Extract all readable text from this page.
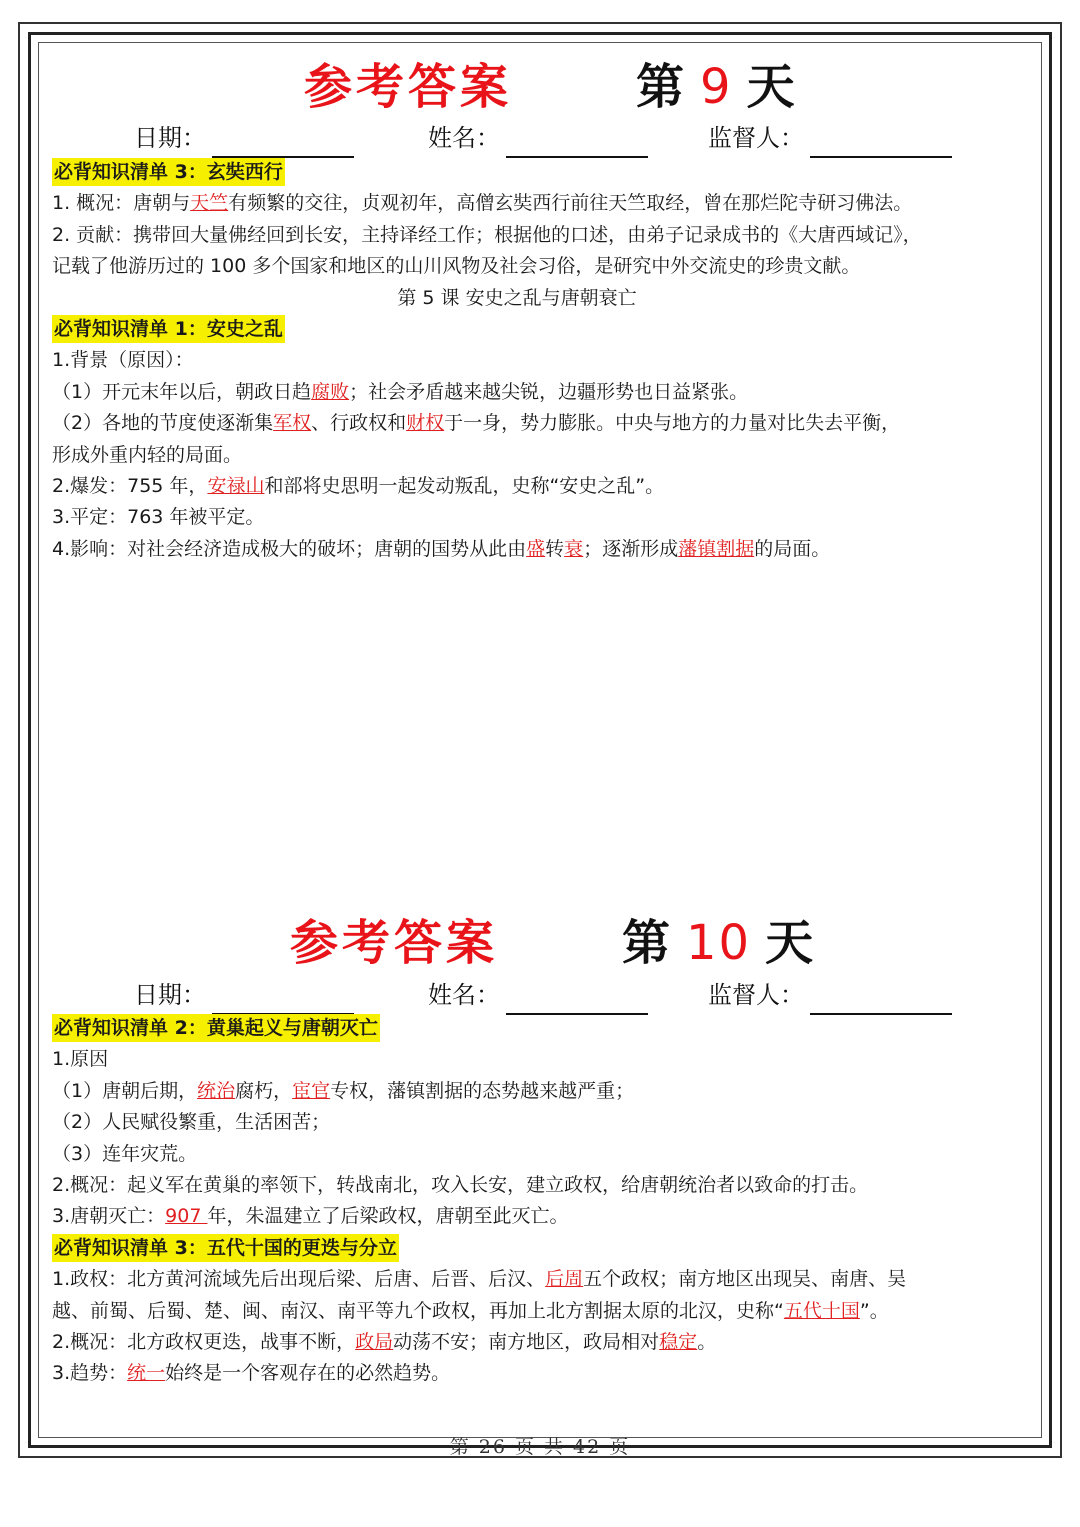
参考答案	第 9 天
日期：	姓名：	监督人：
必背知识清单 3：玄奘西行
1. 概况：唐朝与天竺有频繁的交往，贞观初年，高僧玄奘西行前往天竺取经，曾在那烂陀寺研习佛法。
2. 贡献：携带回大量佛经回到长安，主持译经工作；根据他的口述，由弟子记录成书的《大唐西域记》，
记载了他游历过的 100 多个国家和地区的山川风物及社会习俗，是研究中外交流史的珍贵文献。
第 5 课 安史之乱与唐朝衰亡
必背知识清单 1：安史之乱
1.背景（原因）：
（1）开元末年以后，朝政日趋腐败；社会矛盾越来越尖锐，边疆形势也日益紧张。
（2）各地的节度使逐渐集军权、行政权和财权于一身，势力膨胀。中央与地方的力量对比失去平衡，
形成外重内轻的局面。
2.爆发：755 年，安禄山和部将史思明一起发动叛乱，史称“安史之乱”。
3.平定：763 年被平定。
4.影响：对社会经济造成极大的破坏；唐朝的国势从此由盛转衰；逐渐形成藩镇割据的局面。
参考答案	第 10 天
日期：	姓名：	监督人：
必背知识清单 2：黄巢起义与唐朝灭亡
1.原因
（1）唐朝后期，统治腐朽，宦官专权，藩镇割据的态势越来越严重；
（2）人民赋役繁重，生活困苦；
（3）连年灾荒。
2.概况：起义军在黄巢的率领下，转战南北，攻入长安，建立政权，给唐朝统治者以致命的打击。
3.唐朝灭亡：907 年，朱温建立了后梁政权，唐朝至此灭亡。
必背知识清单 3：五代十国的更迭与分立
1.政权：北方黄河流域先后出现后梁、后唐、后晋、后汉、后周五个政权；南方地区出现吴、南唐、吴
越、前蜀、后蜀、楚、闽、南汉、南平等九个政权，再加上北方割据太原的北汉，史称“五代十国”。
2.概况：北方政权更迭，战事不断，政局动荡不安；南方地区，政局相对稳定。
3.趋势：统一始终是一个客观存在的必然趋势。
第 26 页 共 42 页
